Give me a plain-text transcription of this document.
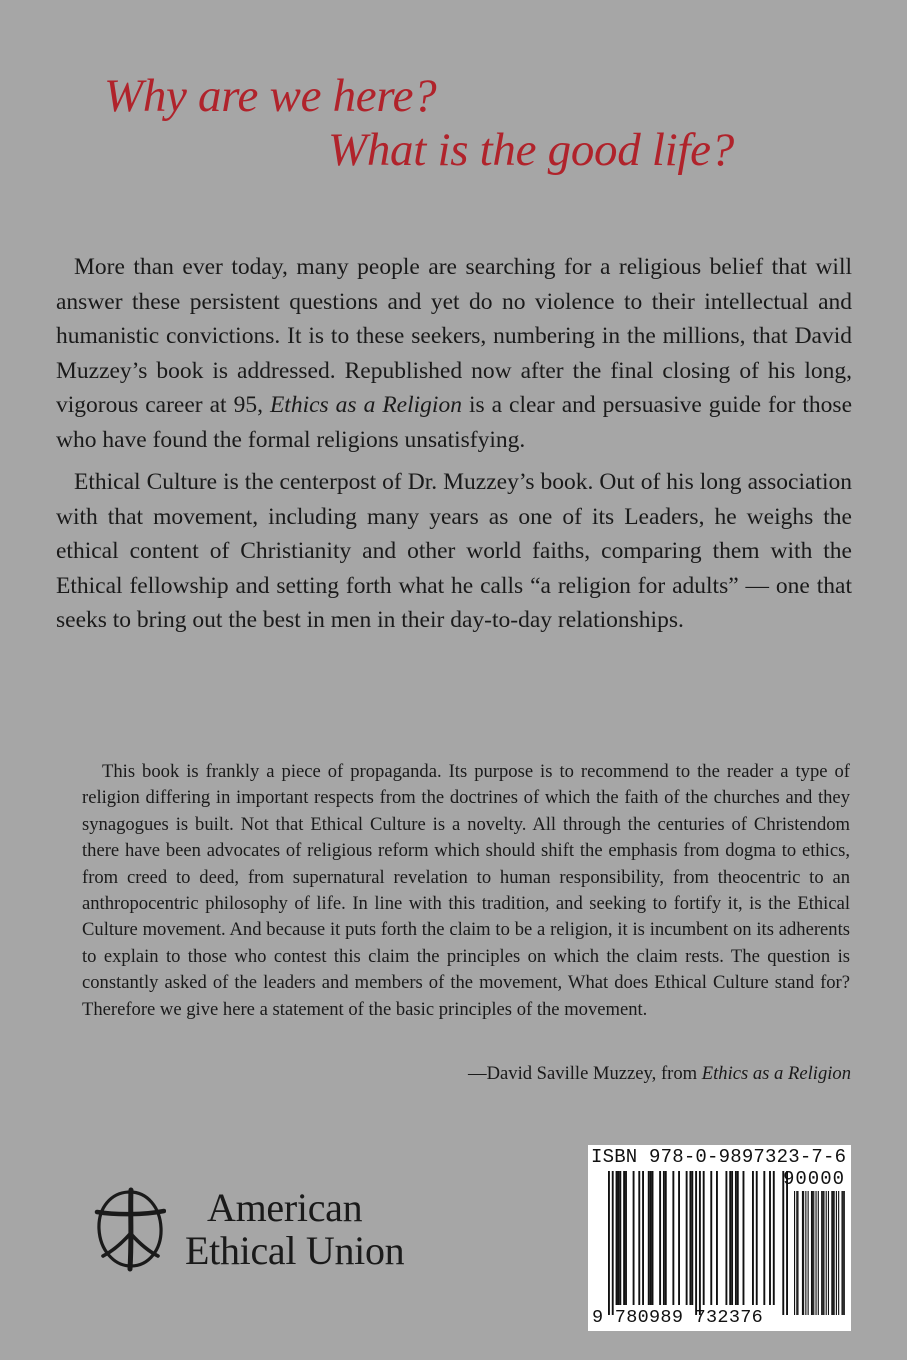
Why are we here?
What is the good life?

More than ever today, many people are searching for a religious belief that will answer these persistent questions and yet do no violence to their intellectual and humanistic convictions. It is to these seekers, numbering in the millions, that David Muzzey’s book is addressed. Republished now after the final closing of his long, vigorous career at 95, Ethics as a Religion is a clear and persuasive guide for those who have found the formal religions unsatisfying.

Ethical Culture is the centerpost of Dr. Muzzey’s book. Out of his long association with that movement, including many years as one of its Leaders, he weighs the ethical content of Christianity and other world faiths, comparing them with the Ethical fellowship and setting forth what he calls “a religion for adults” — one that seeks to bring out the best in men in their day-to-day relationships.

This book is frankly a piece of propaganda. Its purpose is to recommend to the reader a type of religion differing in important respects from the doctrines of which the faith of the churches and they synagogues is built. Not that Ethical Culture is a novelty. All through the centuries of Christendom there have been advocates of religious reform which should shift the emphasis from dogma to ethics, from creed to deed, from supernatural revelation to human responsibility, from theocentric to an anthropocentric philosophy of life. In line with this tradition, and seeking to fortify it, is the Ethical Culture movement. And because it puts forth the claim to be a religion, it is incumbent on its adherents to explain to those who contest this claim the principles on which the claim rests. The question is constantly asked of the leaders and members of the movement, What does Ethical Culture stand for? Therefore we give here a statement of the basic principles of the movement.

—David Saville Muzzey, from Ethics as a Religion
American
Ethical Union
ISBN 978-0-9897323-7-6
90000
9 780989 732376
